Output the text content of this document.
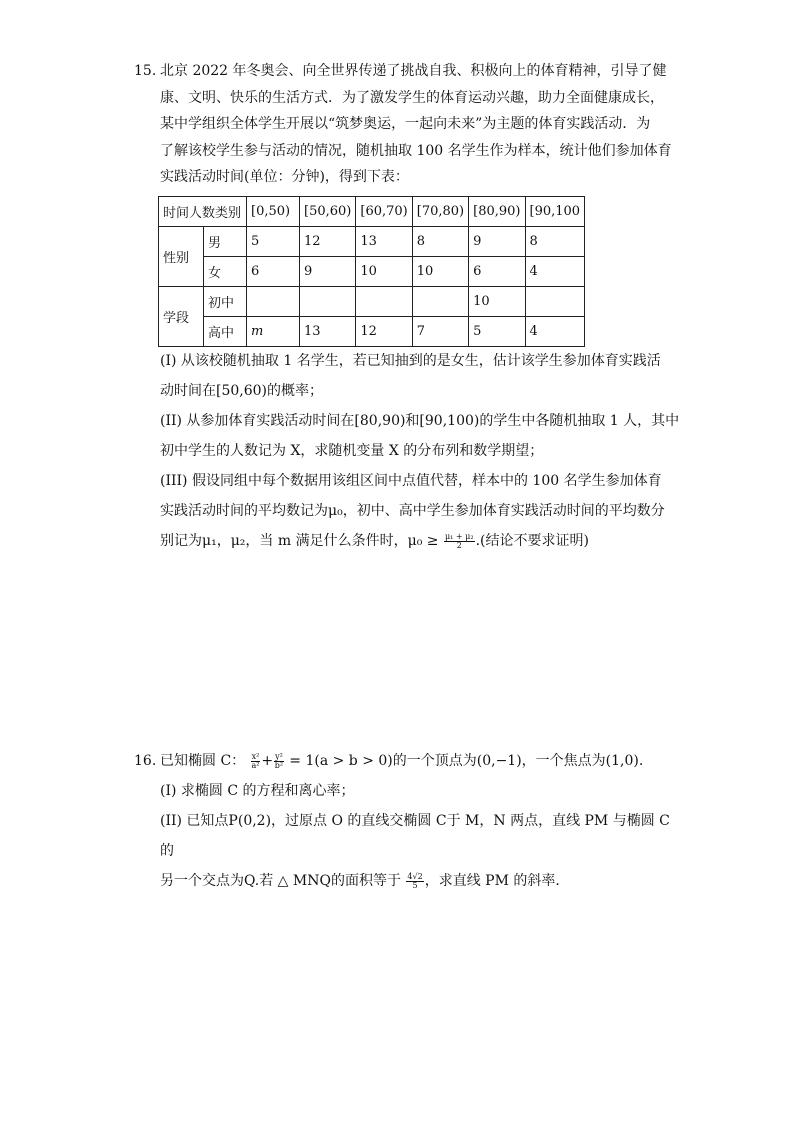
15. 北京 2022 年冬奥会、向全世界传递了挑战自我、积极向上的体育精神，引导了健
康、文明、快乐的生活方式．为了激发学生的体育运动兴趣，助力全面健康成长，
某中学组织全体学生开展以“筑梦奥运，一起向未来”为主题的体育实践活动．为
了解该校学生参与活动的情况，随机抽取 100 名学生作为样本，统计他们参加体育
实践活动时间(单位：分钟)，得到下表：
时间人数类别		[0,50)	[50,60)	[60,70)	[70,80)	[80,90)	[90,100
性别	男	5	12	13	8	9	8
	女	6	9	10	10	6	4
学段	初中					10	
	高中	m	13	12	7	5	4
(I) 从该校随机抽取 1 名学生，若已知抽到的是女生，估计该学生参加体育实践活
动时间在[50,60)的概率；
(II) 从参加体育实践活动时间在[80,90)和[90,100)的学生中各随机抽取 1 人，其中
初中学生的人数记为 X，求随机变量 X 的分布列和数学期望；
(III) 假设同组中每个数据用该组区间中点值代替，样本中的 100 名学生参加体育
实践活动时间的平均数记为μ₀，初中、高中学生参加体育实践活动时间的平均数分
别记为μ₁，μ₂，当 m 满足什么条件时，$\mu_0 \ge \frac{\text{μ₁ + μ₂}}{2}$ .(结论不要求证明)
16. 已知椭圆 C： $\frac{\text{x²}}{\text{a²}} + \frac{\text{y²}}{\text{b²}} = 1(a > b > 0)$的一个顶点为(0,−1)，一个焦点为(1,0).
(I) 求椭圆 C 的方程和离心率；
(II) 已知点P(0,2)，过原点 O 的直线交椭圆 C于 M，N 两点，直线 PM 与椭圆 C 的
另一个交点为Q.若 △ MNQ的面积等于 $\frac{4√2}{5}$ ，求直线 PM 的斜率．
